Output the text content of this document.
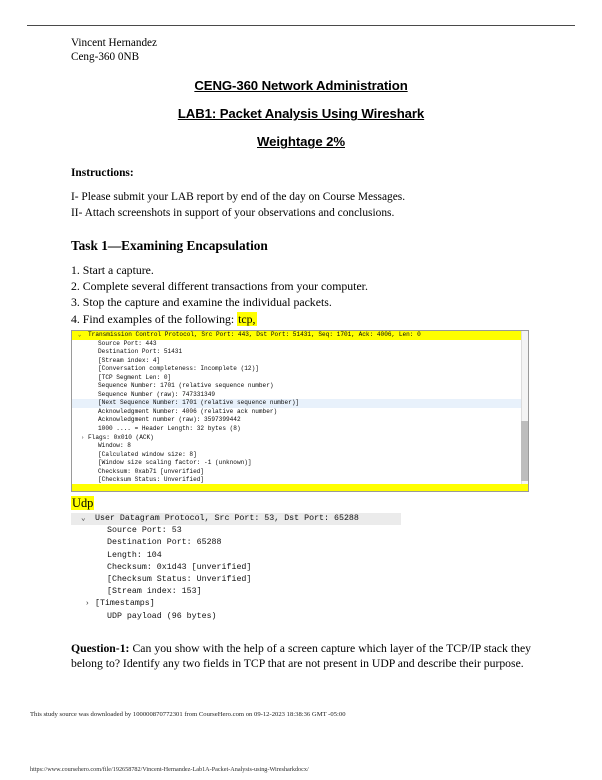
Vincent Hernandez
Ceng-360 0NB
CENG-360 Network Administration
LAB1: Packet Analysis Using Wireshark
Weightage 2%
Instructions:
I- Please submit your LAB report by end of the day on Course Messages.
II- Attach screenshots in support of your observations and conclusions.
Task 1—Examining Encapsulation
1. Start a capture.
2. Complete several different transactions from your computer.
3. Stop the capture and examine the individual packets.
4. Find examples of the following: tcp,
⌄ Transmission Control Protocol, Src Port: 443, Dst Port: 51431, Seq: 1701, Ack: 4006, Len: 0
Source Port: 443
Destination Port: 51431
[Stream index: 4]
[Conversation completeness: Incomplete (12)]
[TCP Segment Len: 0]
Sequence Number: 1701 (relative sequence number)
Sequence Number (raw): 747331349
[Next Sequence Number: 1701 (relative sequence number)]
Acknowledgment Number: 4006 (relative ack number)
Acknowledgment number (raw): 3597399442
1000 .... = Header Length: 32 bytes (8)
› Flags: 0x010 (ACK)
Window: 8
[Calculated window size: 8]
[Window size scaling factor: -1 (unknown)]
Checksum: 0xab71 [unverified]
[Checksum Status: Unverified]
Udp
⌄ User Datagram Protocol, Src Port: 53, Dst Port: 65288
Source Port: 53
Destination Port: 65288
Length: 104
Checksum: 0x1d43 [unverified]
[Checksum Status: Unverified]
[Stream index: 153]
› [Timestamps]
UDP payload (96 bytes)
Question-1: Can you show with the help of a screen capture which layer of the TCP/IP stack they belong to? Identify any two fields in TCP that are not present in UDP and describe their purpose.
This study source was downloaded by 100000870772301 from CourseHero.com on 09-12-2023 18:38:36 GMT -05:00
https://www.coursehero.com/file/192658782/Vincent-Hernandez-Lab1A-Packet-Analysis-using-Wiresharkdocx/
